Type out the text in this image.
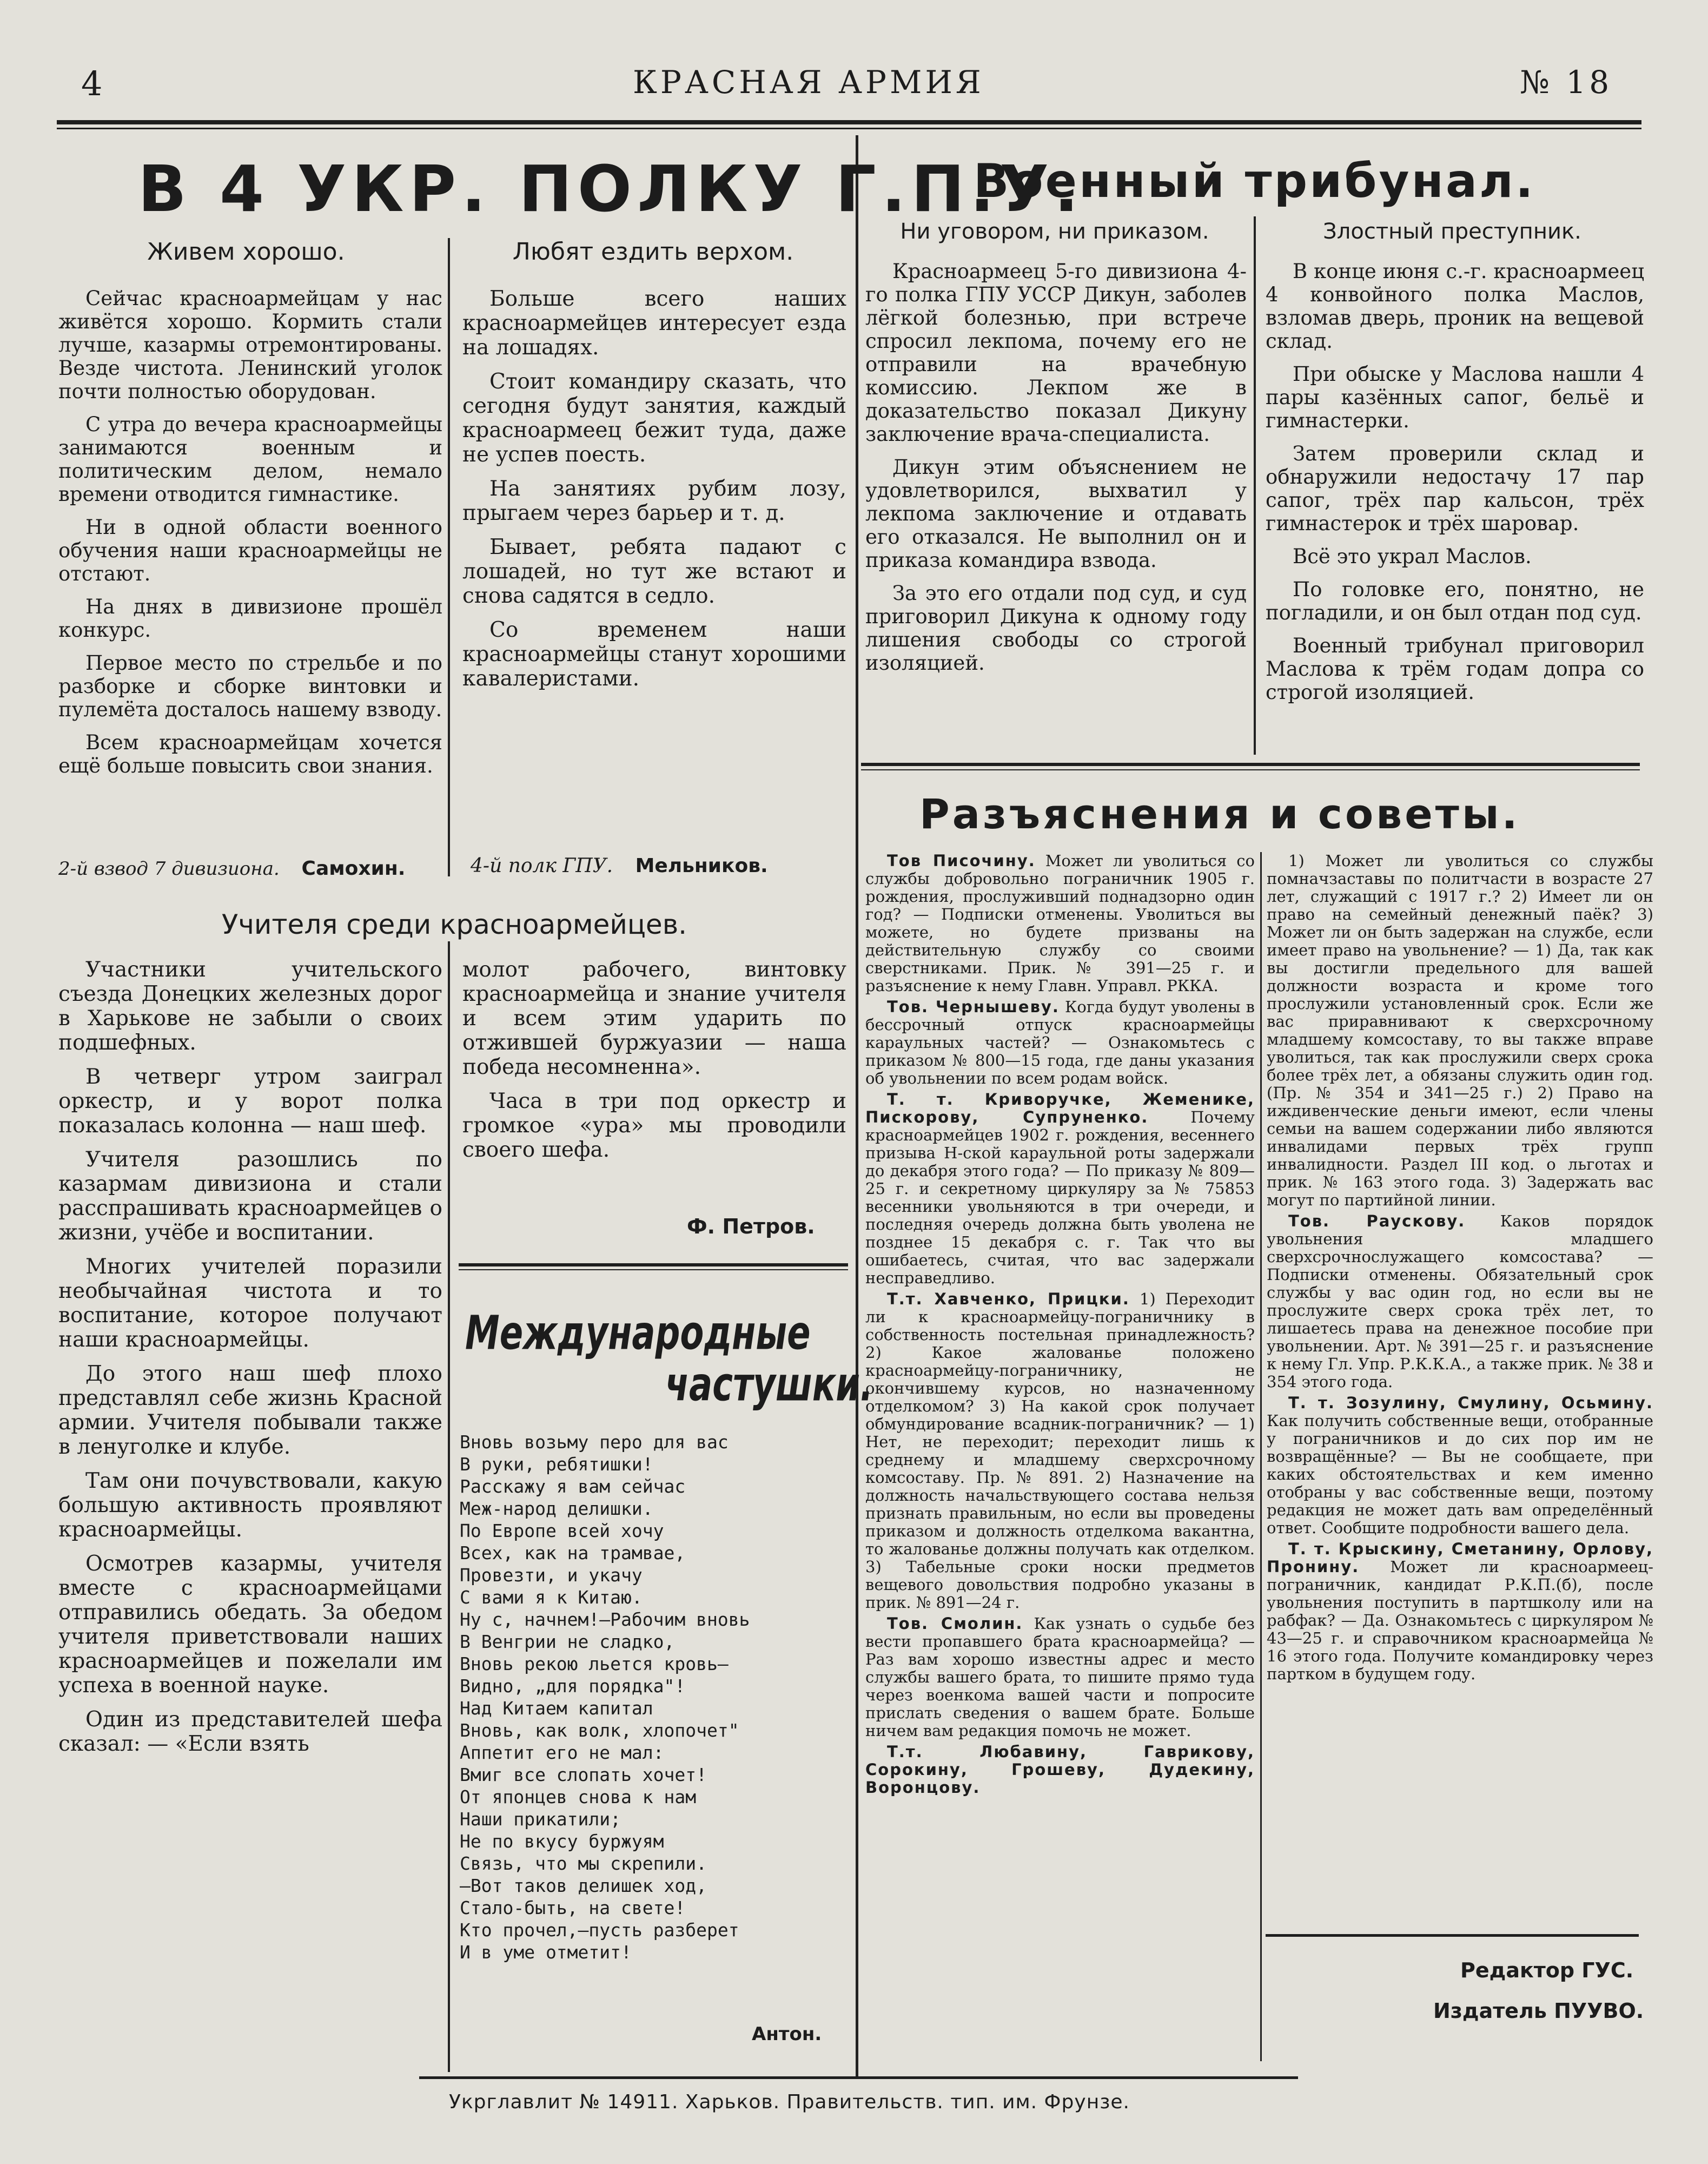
4	КРАСНАЯ АРМИЯ	№ 18
В 4 УКР. ПОЛКУ Г.П.У.
Живем хорошо.

Сейчас красноармейцам у нас живётся хорошо. Кормить стали лучше, казармы отремонтированы. Везде чистота. Ленинский уголок почти полностью оборудован.

С утра до вечера красноармейцы занимаются военным и политическим делом, немало времени отводится гимнастике.

Ни в одной области военного обучения наши красноармейцы не отстают.

На днях в дивизионе прошёл конкурс.

Первое место по стрельбе и по разборке и сборке винтовки и пулемёта досталось нашему взводу.

Всем красноармейцам хочется ещё больше повысить свои знания.

2-й взвод 7 дивизиона. Самохин.
Любят ездить верхом.

Больше всего наших красноармейцев интересует езда на лошадях.

Стоит командиру сказать, что сегодня будут занятия, каждый красноармеец бежит туда, даже не успев поесть.

На занятиях рубим лозу, прыгаем через барьер и т. д.

Бывает, ребята падают с лошадей, но тут же встают и снова садятся в седло.

Со временем наши красноармейцы станут хорошими кавалеристами.

4-й полк ГПУ. Мельников.
Учителя среди красноармейцев.

Участники учительского съезда Донецких железных дорог в Харькове не забыли о своих подшефных.

В четверг утром заиграл оркестр, и у ворот полка показалась колонна — наш шеф.

Учителя разошлись по казармам дивизиона и стали расспрашивать красноармейцев о жизни, учёбе и воспитании.

Многих учителей поразили необычайная чистота и то воспитание, которое получают наши красноармейцы.

До этого наш шеф плохо представлял себе жизнь Красной армии. Учителя побывали также в ленуголке и клубе.

Там они почувствовали, какую большую активность проявляют красноармейцы.

Осмотрев казармы, учителя вместе с красноармейцами отправились обедать. За обедом учителя приветствовали наших красноармейцев и пожелали им успеха в военной науке.

Один из представителей шефа сказал: — «Если взять

молот рабочего, винтовку красноармейца и знание учителя и всем этим ударить по отжившей буржуазии — наша победа несомненна».

Часа в три под оркестр и громкое «ура» мы проводили своего шефа.

Ф. Петров.
Международные
частушки.
Вновь возьму перо для вас
В руки, ребятишки!
Расскажу я вам сейчас
Меж-народ делишки.
По Европе всей хочу
Всех, как на трамвае,
Провезти, и укачу
С вами я к Китаю.
Ну с, начнем!—Рабочим вновь
В Венгрии не сладко,
Вновь рекою льется кровь—
Видно, „для порядка"!
Над Китаем капитал
Вновь, как волк, хлопочет"
Аппетит его не мал:
Вмиг все слопать хочет!
От японцев снова к нам
Наши прикатили;
Не по вкусу буржуям
Связь, что мы скрепили.
—Вот таков делишек ход,
Стало-быть, на свете!
Кто прочел,—пусть разберет
И в уме отметит!
Антон.
Военный трибунал.
Ни уговором, ни приказом.

Красноармеец 5-го дивизиона 4-го полка ГПУ УССР Дикун, заболев лёгкой болезнью, при встрече спросил лекпома, почему его не отправили на врачебную комиссию. Лекпом же в доказательство показал Дикуну заключение врача-специалиста.

Дикун этим объяснением не удовлетворился, выхватил у лекпома заключение и отдавать его отказался. Не выполнил он и приказа командира взвода.

За это его отдали под суд, и суд приговорил Дикуна к одному году лишения свободы со строгой изоляцией.

Злостный преступник.

В конце июня с.-г. красноармеец 4 конвойного полка Маслов, взломав дверь, проник на вещевой склад.

При обыске у Маслова нашли 4 пары казённых сапог, бельё и гимнастерки.

Затем проверили склад и обнаружили недостачу 17 пар сапог, трёх пар кальсон, трёх гимнастерок и трёх шаровар.

Всё это украл Маслов.

По головке его, понятно, не погладили, и он был отдан под суд.

Военный трибунал приговорил Маслова к трём годам допра со строгой изоляцией.

Разъяснения и советы.

Тов Писочину. Может ли уволиться со службы добровольно пограничник 1905 г. рождения, прослуживший поднадзорно один год? — Подписки отменены. Уволиться вы можете, но будете призваны на действительную службу со своими сверстниками. Прик. № 391—25 г. и разъяснение к нему Главн. Управл. РККА.

Тов. Чернышеву. Когда будут уволены в бессрочный отпуск красноармейцы караульных частей? — Ознакомьтесь с приказом № 800—15 года, где даны указания об увольнении по всем родам войск.

Т. т. Криворучке, Жеменике, Пискорову, Супруненко.	Почему красноармейцев 1902 г. рождения, весеннего призыва Н-ской караульной роты задержали до декабря этого года? — По приказу № 809—25 г. и секретному циркуляру за № 75853 весенники увольняются в три очереди, и последняя очередь должна быть уволена не позднее 15 декабря с. г. Так что вы ошибаетесь, считая, что вас задержали несправедливо.

Т.т. Хавченко, Прицки. 1) Переходит ли к красноармейцу-пограничнику в собственность постельная принадлежность? 2) Какое жалованье положено красноармейцу-пограничнику, не окончившему курсов, но назначенному отделкомом? 3) На какой срок получает обмундирование всадник-пограничник? — 1) Нет, не переходит; переходит лишь к среднему и младшему сверхсрочному комсоставу. Пр. № 891. 2) Назначение на должность начальствующего состава нельзя признать правильным, но если вы проведены приказом и должность отделкома вакантна, то жалованье должны получать как отделком. 3) Табельные сроки носки предметов вещевого довольствия подробно указаны в прик. № 891—24 г.

Тов. Смолин. Как узнать о судьбе без вести пропавшего брата красноармейца? — Раз вам хорошо известны адрес и место службы вашего брата, то пишите прямо туда через военкома вашей части и попросите прислать сведения о вашем брате. Больше ничем вам редакция помочь не может.

Т.т. Любавину, Гаврикову, Сорокину, Грошеву, Дудекину, Воронцову.

1) Может ли уволиться со службы помначзаставы по политчасти в возрасте 27 лет, служащий с 1917 г.? 2) Имеет ли он право на семейный денежный паёк? 3) Может ли он быть задержан на службе, если имеет право на увольнение? — 1) Да, так как вы достигли предельного для вашей должности возраста и кроме того прослужили установленный срок. Если же вас приравнивают к сверхсрочному младшему комсоставу, то вы также вправе уволиться, так как прослужили сверх срока более трёх лет, а обязаны служить один год. (Пр. № 354 и 341—25 г.) 2) Право на иждивенческие деньги имеют, если члены семьи на вашем содержании либо являются инвалидами первых трёх групп инвалидности. Раздел III код. о льготах и прик. № 163 этого года. 3) Задержать вас могут по партийной линии.

Тов. Раускову. Каков порядок увольнения младшего сверхсрочнослужащего комсостава? — Подписки отменены. Обязательный срок службы у вас один год, но если вы не прослужите сверх срока трёх лет, то лишаетесь права на денежное пособие при увольнении. Арт. № 391—25 г. и разъяснение к нему Гл. Упр. Р.К.К.А., а также прик. № 38 и 354 этого года.

Т. т. Зозулину, Смулину, Осьмину. Как получить собственные вещи, отобранные у пограничников и до сих пор им не возвращённые? — Вы не сообщаете, при каких обстоятельствах и кем именно отобраны у вас собственные вещи, поэтому редакция не может дать вам определённый ответ. Сообщите подробности вашего дела.

Т. т. Крыскину, Сметанину, Орлову, Пронину. Может ли красноармеец-пограничник, кандидат Р.К.П.(б), после увольнения поступить в партшколу или на рабфак? — Да. Ознакомьтесь с циркуляром № 43—25 г. и справочником красноармейца № 16 этого года. Получите командировку через партком в будущем году.

Редактор ГУС.
Издатель ПУУВО.
Укрглавлит № 14911. Харьков. Правительств. тип. им. Фрунзе.
